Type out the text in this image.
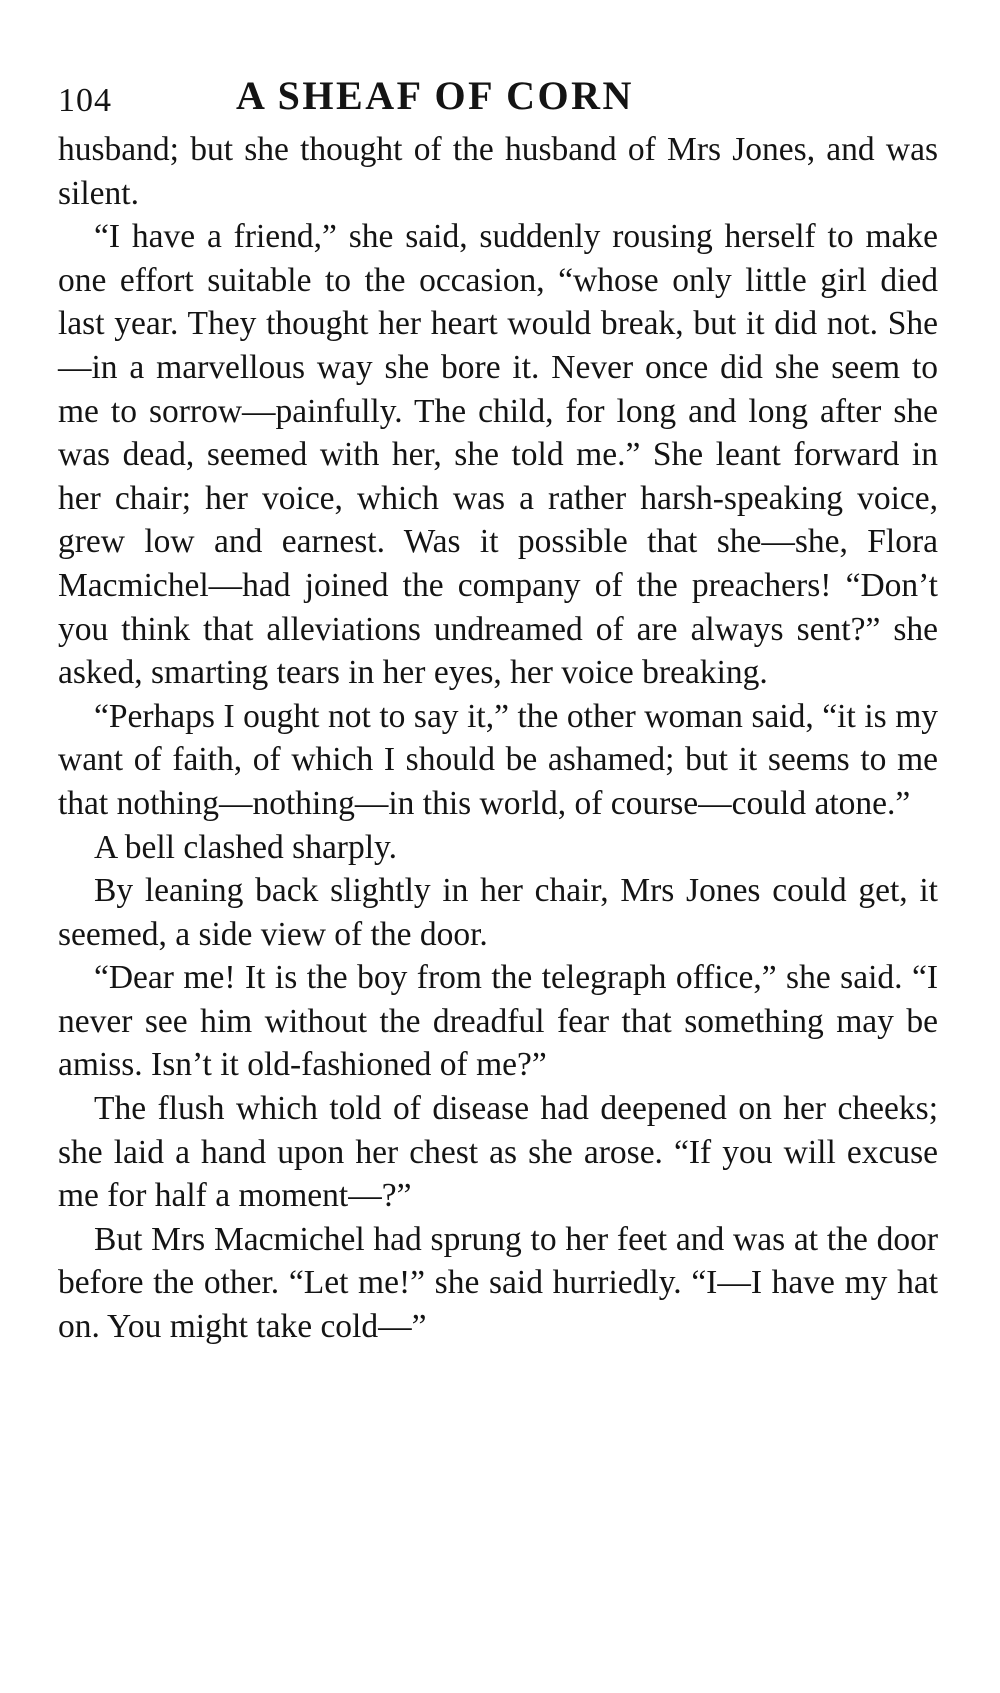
104	A SHEAF OF CORN

husband; but she thought of the husband of Mrs Jones, and was silent.

“I have a friend,” she said, suddenly rousing herself to make one effort suitable to the occasion, “whose only little girl died last year. They thought her heart would break, but it did not. She—in a marvellous way she bore it. Never once did she seem to me to sorrow—painfully. The child, for long and long after she was dead, seemed with her, she told me.” She leant forward in her chair; her voice, which was a rather harsh-speaking voice, grew low and earnest. Was it possible that she—she, Flora Macmichel—had joined the company of the preachers! “Don’t you think that alleviations undreamed of are always sent?” she asked, smarting tears in her eyes, her voice breaking.

“Perhaps I ought not to say it,” the other woman said, “it is my want of faith, of which I should be ashamed; but it seems to me that nothing—nothing—in this world, of course—could atone.”

A bell clashed sharply.

By leaning back slightly in her chair, Mrs Jones could get, it seemed, a side view of the door.

“Dear me! It is the boy from the telegraph office,” she said. “I never see him without the dreadful fear that something may be amiss. Isn’t it old-fashioned of me?”

The flush which told of disease had deepened on her cheeks; she laid a hand upon her chest as she arose. “If you will excuse me for half a moment—?”

But Mrs Macmichel had sprung to her feet and was at the door before the other. “Let me!” she said hurriedly. “I—I have my hat on. You might take cold—”
